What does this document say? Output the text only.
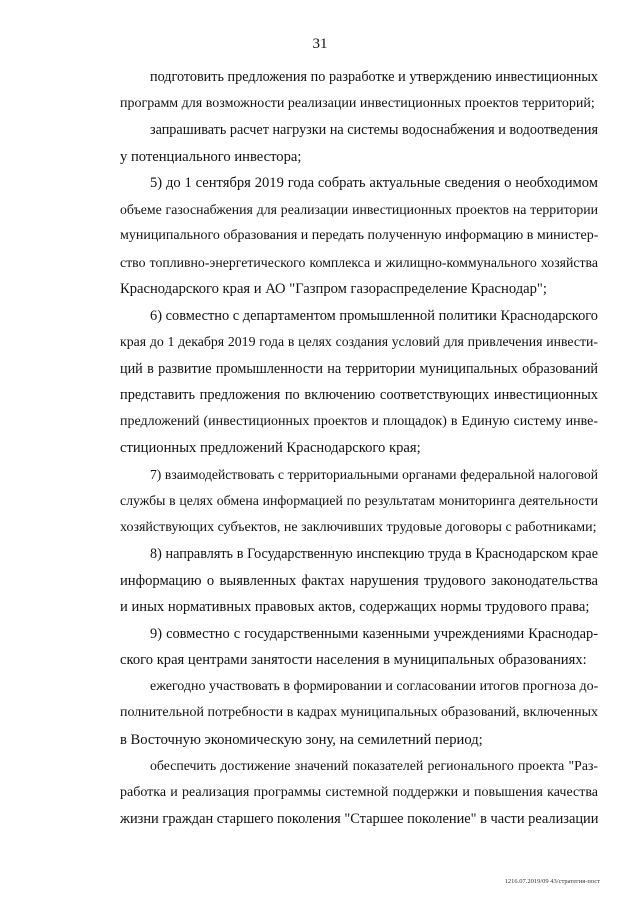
31
подготовить предложения по разработке и утверждению инвестиционных
программ для возможности реализации инвестиционных проектов территорий;
запрашивать расчет нагрузки на системы водоснабжения и водоотведения
у потенциального инвестора;
5) до 1 сентября 2019 года собрать актуальные сведения о необходимом
объеме газоснабжения для реализации инвестиционных проектов на территории
муниципального образования и передать полученную информацию в министер-
ство топливно-энергетического комплекса и жилищно-коммунального хозяйства
Краснодарского края и АО "Газпром газораспределение Краснодар";
6) совместно с департаментом промышленной политики Краснодарского
края до 1 декабря 2019 года в целях создания условий для привлечения инвести-
ций в развитие промышленности на территории муниципальных образований
представить предложения по включению соответствующих инвестиционных
предложений (инвестиционных проектов и площадок) в Единую систему инве-
стиционных предложений Краснодарского края;
7) взаимодействовать с территориальными органами федеральной налоговой
службы в целях обмена информацией по результатам мониторинга деятельности
хозяйствующих субъектов, не заключивших трудовые договоры с работниками;
8) направлять в Государственную инспекцию труда в Краснодарском крае
информацию о выявленных фактах нарушения трудового законодательства
и иных нормативных правовых актов, содержащих нормы трудового права;
9) совместно с государственными казенными учреждениями Краснодар-
ского края центрами занятости населения в муниципальных образованиях:
ежегодно участвовать в формировании и согласовании итогов прогноза до-
полнительной потребности в кадрах муниципальных образований, включенных
в Восточную экономическую зону, на семилетний период;
обеспечить достижение значений показателей регионального проекта "Раз-
работка и реализация программы системной поддержки и повышения качества
жизни граждан старшего поколения "Старшее поколение" в части реализации
1216.07.2019/09 43/стратегия-пост
